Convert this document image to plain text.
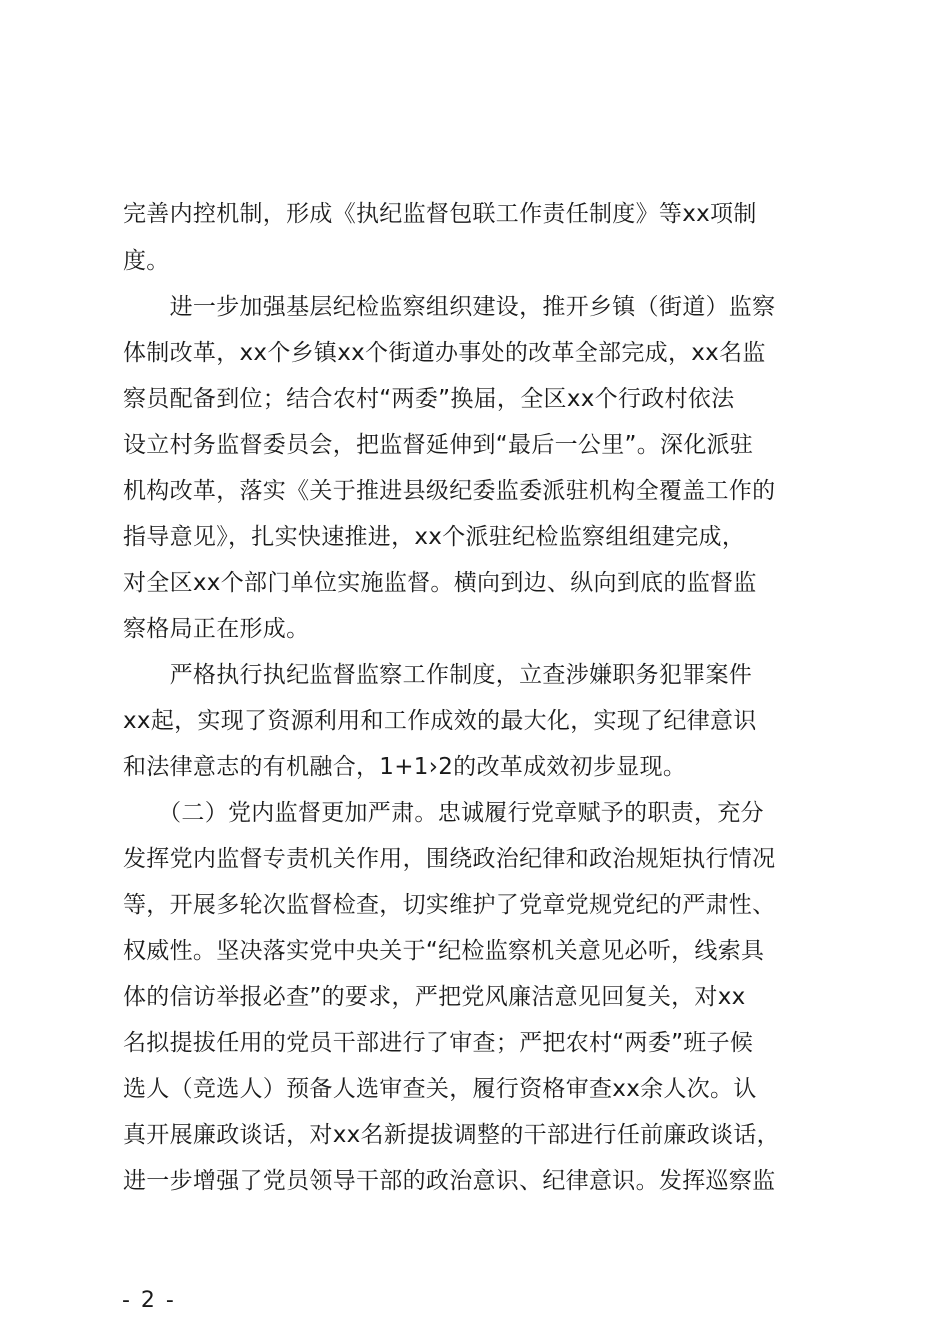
完善内控机制，形成《执纪监督包联工作责任制度》等xx项制
度。
　　进一步加强基层纪检监察组织建设，推开乡镇（街道）监察
体制改革，xx个乡镇xx个街道办事处的改革全部完成，xx名监
察员配备到位；结合农村“两委”换届，全区xx个行政村依法
设立村务监督委员会，把监督延伸到“最后一公里”。深化派驻
机构改革，落实《关于推进县级纪委监委派驻机构全覆盖工作的
指导意见》，扎实快速推进，xx个派驻纪检监察组组建完成，
对全区xx个部门单位实施监督。横向到边、纵向到底的监督监
察格局正在形成。
　　严格执行执纪监督监察工作制度，立查涉嫌职务犯罪案件
xx起，实现了资源利用和工作成效的最大化，实现了纪律意识
和法律意志的有机融合，1+1›2的改革成效初步显现。
　　（二）党内监督更加严肃。忠诚履行党章赋予的职责，充分
发挥党内监督专责机关作用，围绕政治纪律和政治规矩执行情况
等，开展多轮次监督检查，切实维护了党章党规党纪的严肃性、
权威性。坚决落实党中央关于“纪检监察机关意见必听，线索具
体的信访举报必查”的要求，严把党风廉洁意见回复关，对xx
名拟提拔任用的党员干部进行了审查；严把农村“两委”班子候
选人（竞选人）预备人选审查关，履行资格审查xx余人次。认
真开展廉政谈话，对xx名新提拔调整的干部进行任前廉政谈话，
进一步增强了党员领导干部的政治意识、纪律意识。发挥巡察监
- 2 -
